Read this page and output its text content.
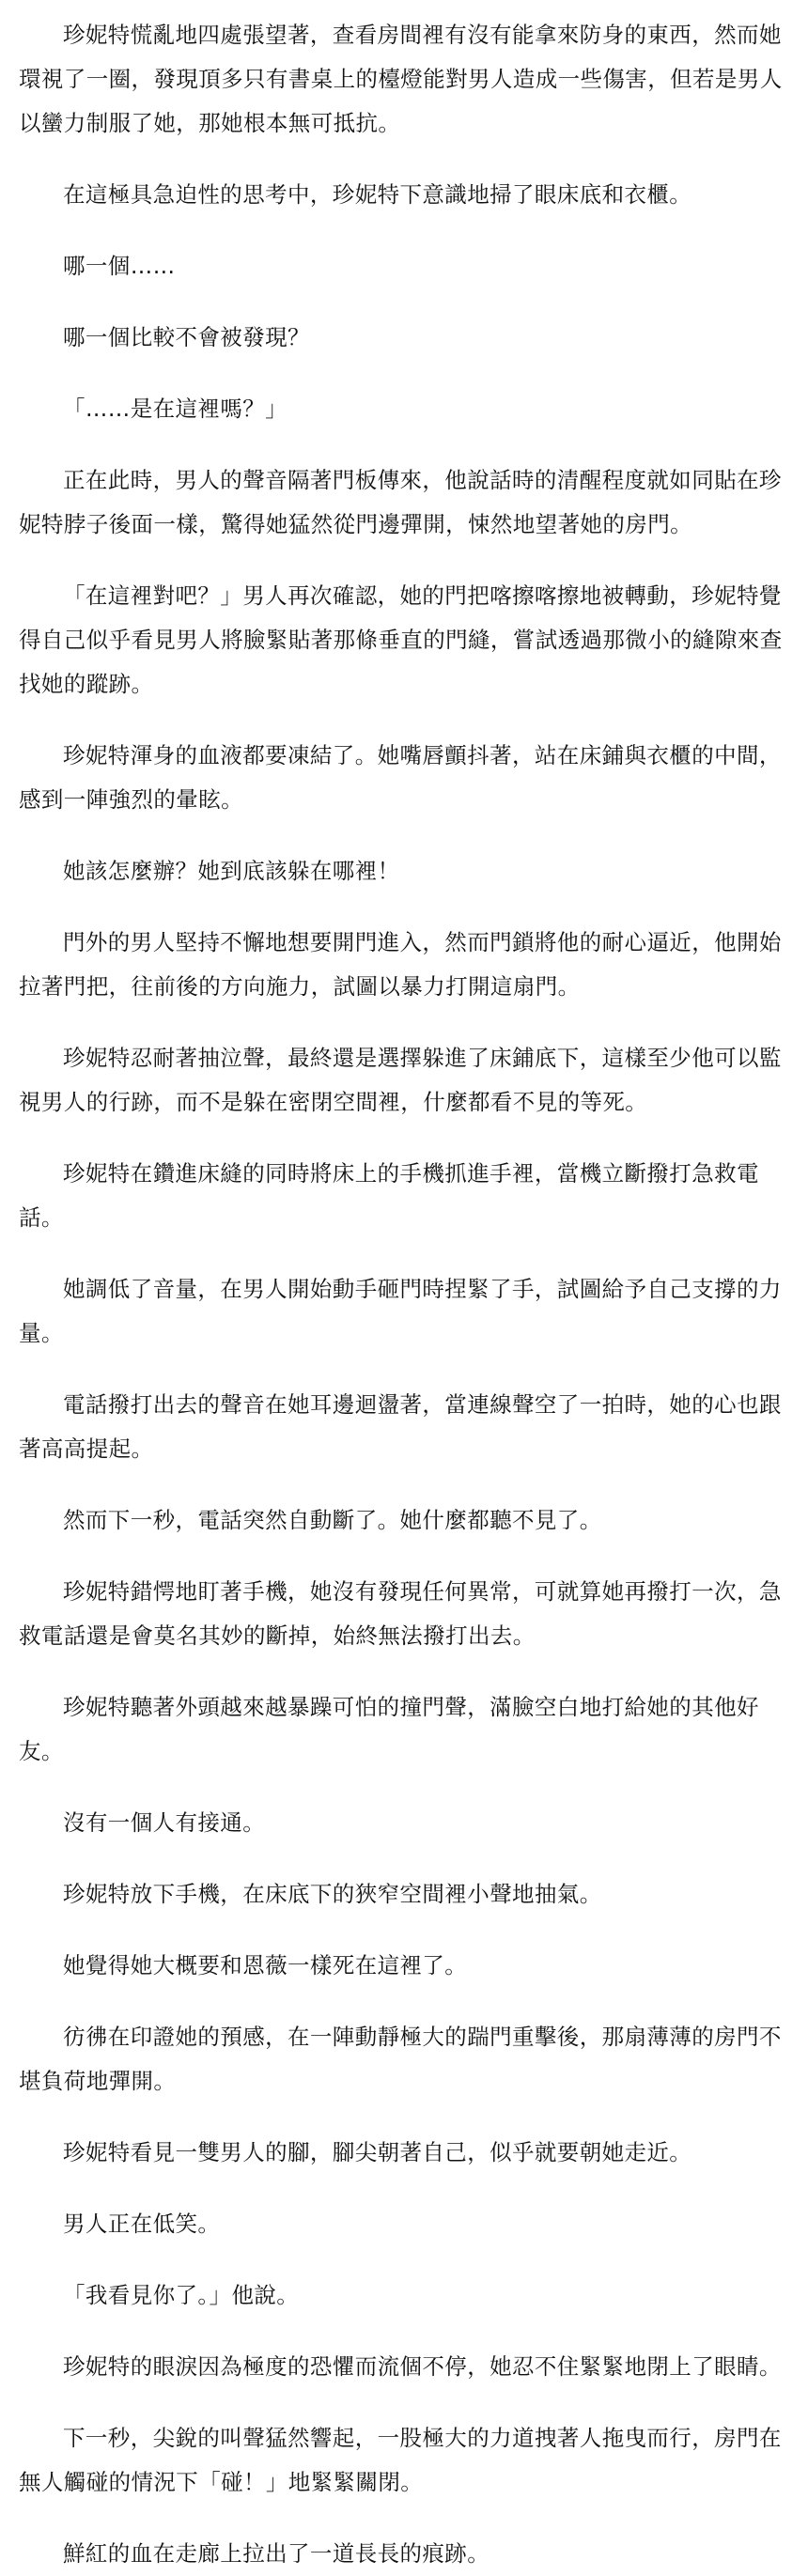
珍妮特慌亂地四處張望著，查看房間裡有沒有能拿來防身的東西，然而她環視了一圈，發現頂多只有書桌上的檯燈能對男人造成一些傷害，但若是男人以蠻力制服了她，那她根本無可抵抗。

在這極具急迫性的思考中，珍妮特下意識地掃了眼床底和衣櫃。

哪一個……

哪一個比較不會被發現？

「……是在這裡嗎？」

正在此時，男人的聲音隔著門板傳來，他說話時的清醒程度就如同貼在珍妮特脖子後面一樣，驚得她猛然從門邊彈開，悚然地望著她的房門。

「在這裡對吧？」男人再次確認，她的門把喀擦喀擦地被轉動，珍妮特覺得自己似乎看見男人將臉緊貼著那條垂直的門縫，嘗試透過那微小的縫隙來查找她的蹤跡。

珍妮特渾身的血液都要凍結了。她嘴唇顫抖著，站在床鋪與衣櫃的中間，感到一陣強烈的暈眩。

她該怎麼辦？她到底該躲在哪裡！

門外的男人堅持不懈地想要開門進入，然而門鎖將他的耐心逼近，他開始拉著門把，往前後的方向施力，試圖以暴力打開這扇門。

珍妮特忍耐著抽泣聲，最終還是選擇躲進了床鋪底下，這樣至少他可以監視男人的行跡，而不是躲在密閉空間裡，什麼都看不見的等死。

珍妮特在鑽進床縫的同時將床上的手機抓進手裡，當機立斷撥打急救電話。

她調低了音量，在男人開始動手砸門時捏緊了手，試圖給予自己支撐的力量。

電話撥打出去的聲音在她耳邊迴盪著，當連線聲空了一拍時，她的心也跟著高高提起。

然而下一秒，電話突然自動斷了。她什麼都聽不見了。

珍妮特錯愕地盯著手機，她沒有發現任何異常，可就算她再撥打一次，急救電話還是會莫名其妙的斷掉，始終無法撥打出去。

珍妮特聽著外頭越來越暴躁可怕的撞門聲，滿臉空白地打給她的其他好友。

沒有一個人有接通。

珍妮特放下手機，在床底下的狹窄空間裡小聲地抽氣。

她覺得她大概要和恩薇一樣死在這裡了。

彷彿在印證她的預感，在一陣動靜極大的踹門重擊後，那扇薄薄的房門不堪負荷地彈開。

珍妮特看見一雙男人的腳，腳尖朝著自己，似乎就要朝她走近。

男人正在低笑。

「我看見你了。」他說。

珍妮特的眼淚因為極度的恐懼而流個不停，她忍不住緊緊地閉上了眼睛。

下一秒，尖銳的叫聲猛然響起，一股極大的力道拽著人拖曳而行，房門在無人觸碰的情況下「碰！」地緊緊關閉。

鮮紅的血在走廊上拉出了一道長長的痕跡。
